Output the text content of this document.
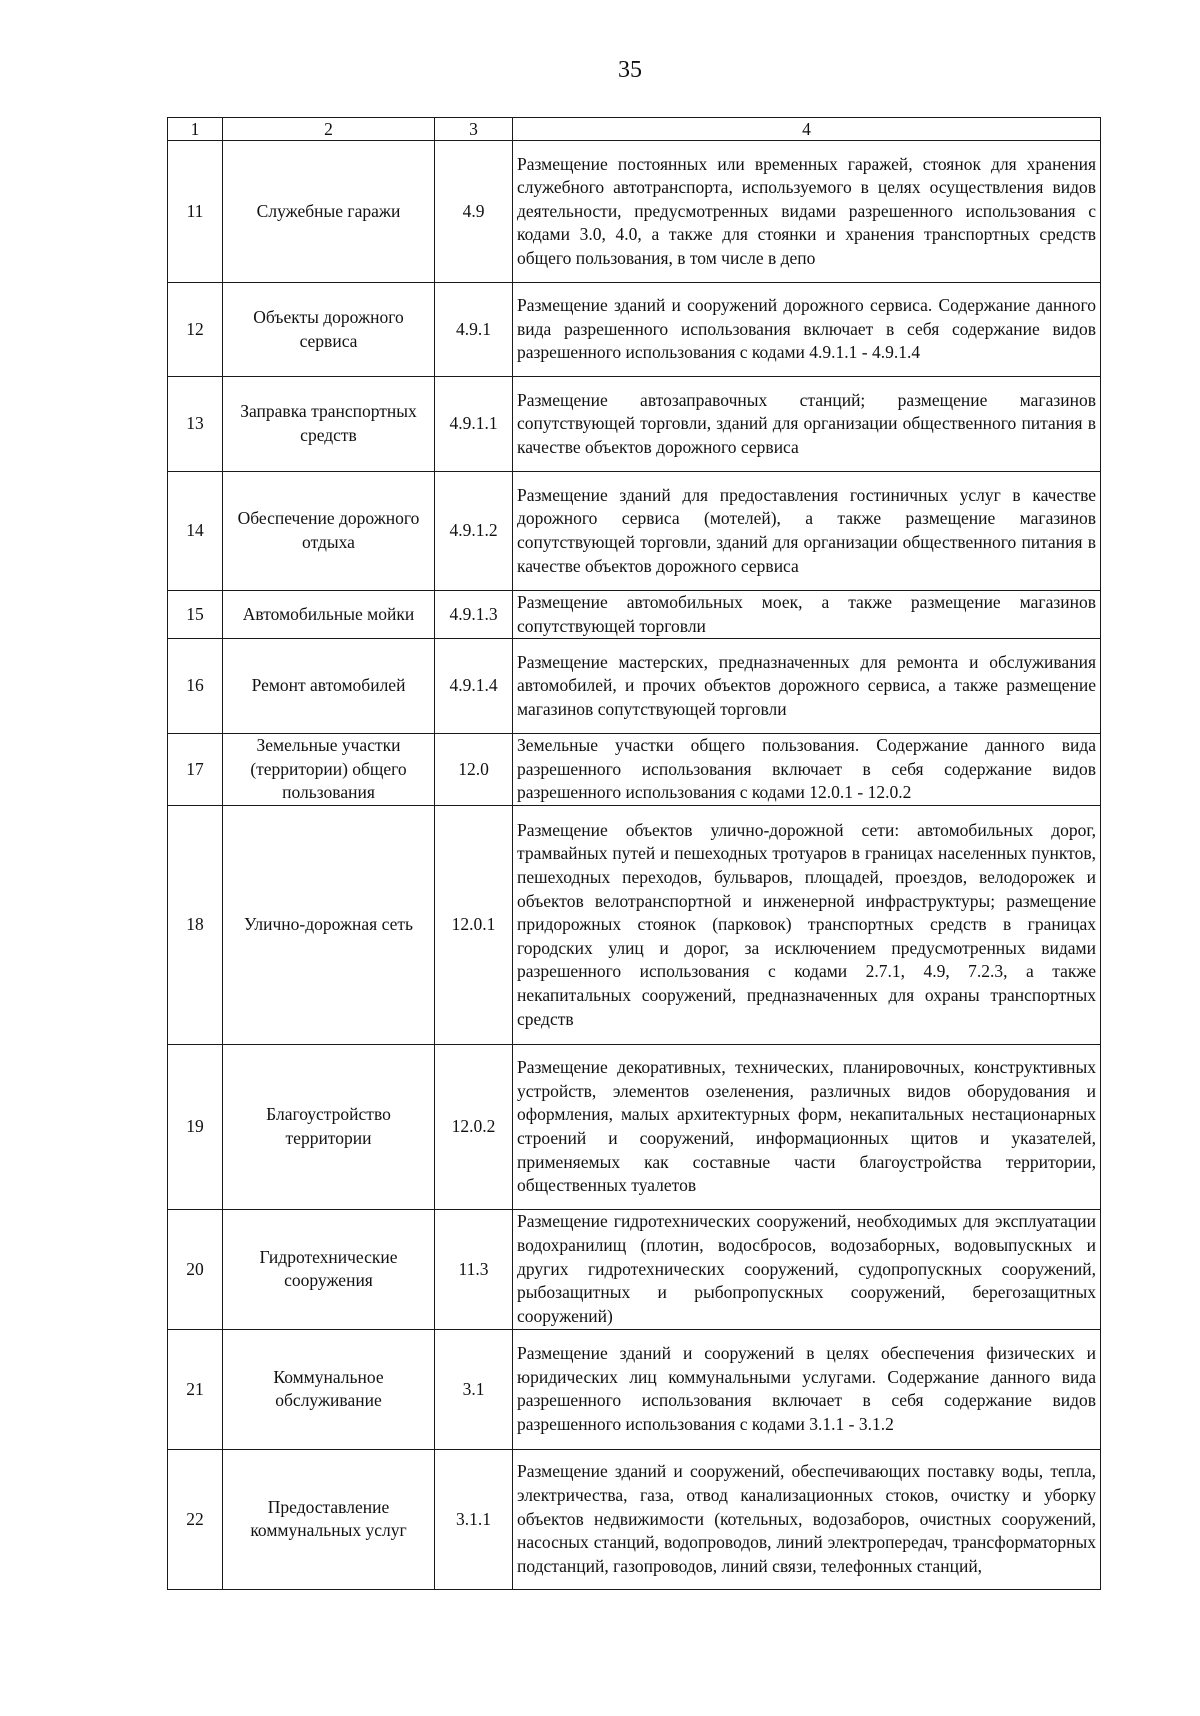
35
1	2	3	4
11	Служебные гаражи	4.9	Размещение постоянных или временных гаражей, стоянок для хранения служебного автотранспорта, используемого в целях осуществления видов деятельности, предусмотренных видами разрешенного использования с кодами 3.0, 4.0, а также для стоянки и хранения транспортных средств общего пользования, в том числе в депо
12	Объекты дорожного сервиса	4.9.1	Размещение зданий и сооружений дорожного сервиса. Содержание данного вида разрешенного использования включает в себя содержание видов разрешенного использования с кодами 4.9.1.1 - 4.9.1.4
13	Заправка транспортных средств	4.9.1.1	Размещение автозаправочных станций; размещение магазинов сопутствующей торговли, зданий для организации общественного питания в качестве объектов дорожного сервиса
14	Обеспечение дорожного отдыха	4.9.1.2	Размещение зданий для предоставления гостиничных услуг в качестве дорожного сервиса (мотелей), а также размещение магазинов сопутствующей торговли, зданий для организации общественного питания в качестве объектов дорожного сервиса
15	Автомобильные мойки	4.9.1.3	Размещение автомобильных моек, а также размещение магазинов сопутствующей торговли
16	Ремонт автомобилей	4.9.1.4	Размещение мастерских, предназначенных для ремонта и обслуживания автомобилей, и прочих объектов дорожного сервиса, а также размещение магазинов сопутствующей торговли
17	Земельные участки (территории) общего пользования	12.0	Земельные участки общего пользования. Содержание данного вида разрешенного использования включает в себя содержание видов разрешенного использования с кодами 12.0.1 - 12.0.2
18	Улично-дорожная сеть	12.0.1	Размещение объектов улично-дорожной сети: автомобильных дорог, трамвайных путей и пешеходных тротуаров в границах населенных пунктов, пешеходных переходов, бульваров, площадей, проездов, велодорожек и объектов велотранспортной и инженерной инфраструктуры; размещение придорожных стоянок (парковок) транспортных средств в границах городских улиц и дорог, за исключением предусмотренных видами разрешенного использования с кодами 2.7.1, 4.9, 7.2.3, а также некапитальных сооружений, предназначенных для охраны транспортных средств
19	Благоустройство территории	12.0.2	Размещение декоративных, технических, планировочных, конструктивных устройств, элементов озеленения, различных видов оборудования и оформления, малых архитектурных форм, некапитальных нестационарных строений и сооружений, информационных щитов и указателей, применяемых как составные части благоустройства территории, общественных туалетов
20	Гидротехнические сооружения	11.3	Размещение гидротехнических сооружений, необходимых для эксплуатации водохранилищ (плотин, водосбросов, водозаборных, водовыпускных и других гидротехнических сооружений, судопропускных сооружений, рыбозащитных и рыбопропускных сооружений, берегозащитных сооружений)
21	Коммунальное обслуживание	3.1	Размещение зданий и сооружений в целях обеспечения физических и юридических лиц коммунальными услугами. Содержание данного вида разрешенного использования включает в себя содержание видов разрешенного использования с кодами 3.1.1 - 3.1.2
22	Предоставление коммунальных услуг	3.1.1	Размещение зданий и сооружений, обеспечивающих поставку воды, тепла, электричества, газа, отвод канализационных стоков, очистку и уборку объектов недвижимости (котельных, водозаборов, очистных сооружений, насосных станций, водопроводов, линий электропередач, трансформаторных подстанций, газопроводов, линий связи, телефонных станций,
